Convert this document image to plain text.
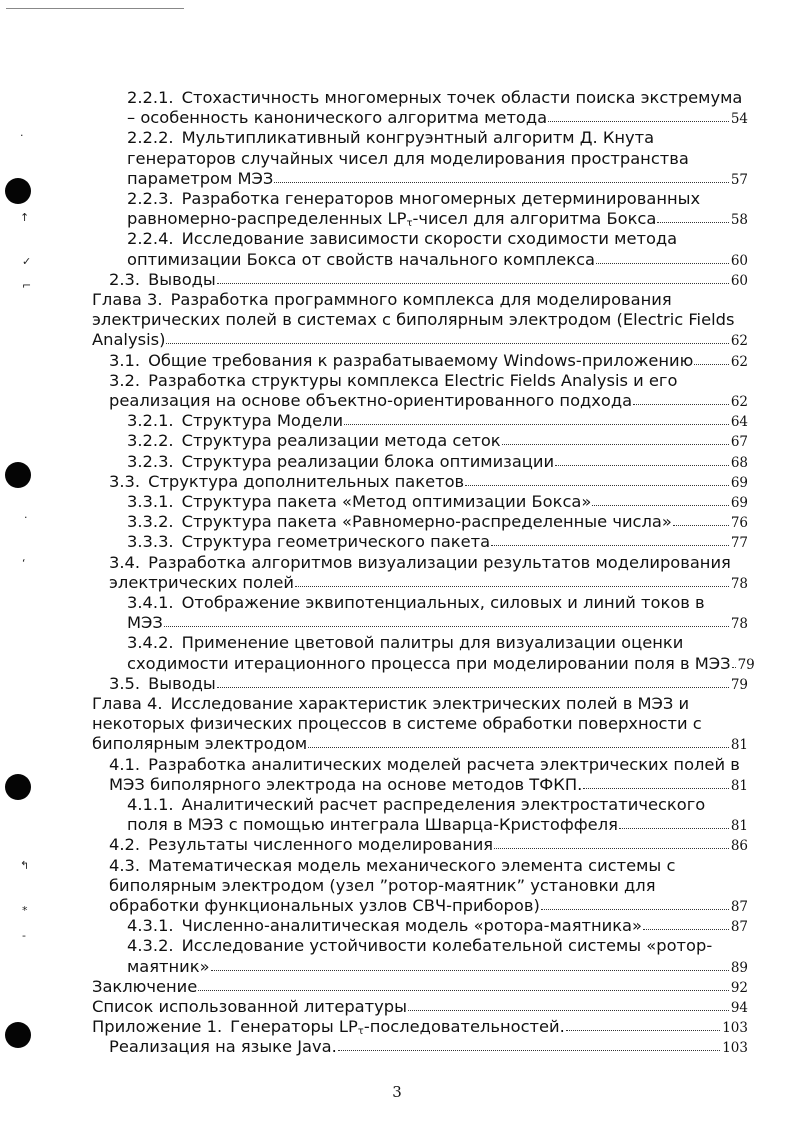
.
↑
✓
⌐
·
‘
↰
*
-
2.2.1. Стохастичность многомерных точек области поиска экстремума
– особенность канонического алгоритма метода	54
2.2.2. Мультипликативный конгруэнтный алгоритм Д. Кнута
генераторов случайных чисел для моделирования пространства
параметром МЭЗ	57
2.2.3. Разработка генераторов многомерных детерминированных
равномерно-распределенных $LP_\tau$-чисел для алгоритма Бокса	58
2.2.4. Исследование зависимости скорости сходимости метода
оптимизации Бокса от свойств начального комплекса	60
2.3. Выводы	60
Глава 3. Разработка программного комплекса для моделирования
электрических полей в системах с биполярным электродом (Electric Fields
Analysis)	62
3.1. Общие требования к разрабатываемому Windows-приложению	62
3.2. Разработка структуры комплекса Electric Fields Analysis и его
реализация на основе объектно-ориентированного подхода	62
3.2.1. Структура Модели	64
3.2.2. Структура реализации метода сеток	67
3.2.3. Структура реализации блока оптимизации	68
3.3. Структура дополнительных пакетов	69
3.3.1. Структура пакета «Метод оптимизации Бокса»	69
3.3.2. Структура пакета «Равномерно-распределенные числа»	76
3.3.3. Структура геометрического пакета	77
3.4. Разработка алгоритмов визуализации результатов моделирования
электрических полей	78
3.4.1. Отображение эквипотенциальных, силовых и линий токов в
МЭЗ	78
3.4.2. Применение цветовой палитры для визуализации оценки
сходимости итерационного процесса при моделировании поля в МЭЗ 79
3.5. Выводы	79
Глава 4. Исследование характеристик электрических полей в МЭЗ и
некоторых физических процессов в системе обработки поверхности с
биполярным электродом	81
4.1. Разработка аналитических моделей расчета электрических полей в
МЭЗ биполярного электрода на основе методов ТФКП.	81
4.1.1. Аналитический расчет распределения электростатического
поля в МЭЗ с помощью интеграла Шварца-Кристоффеля	81
4.2. Результаты численного моделирования	86
4.3. Математическая модель механического элемента системы с
биполярным электродом (узел ”ротор-маятник” установки для
обработки функциональных узлов СВЧ-приборов)	87
4.3.1. Численно-аналитическая модель «ротора-маятника»	87
4.3.2. Исследование устойчивости колебательной системы «ротор-
маятник»	89
Заключение	92
Список использованной литературы	94
Приложение 1. Генераторы $LP_\tau$-последовательностей.	103
Реализация на языке Java.	103
3
